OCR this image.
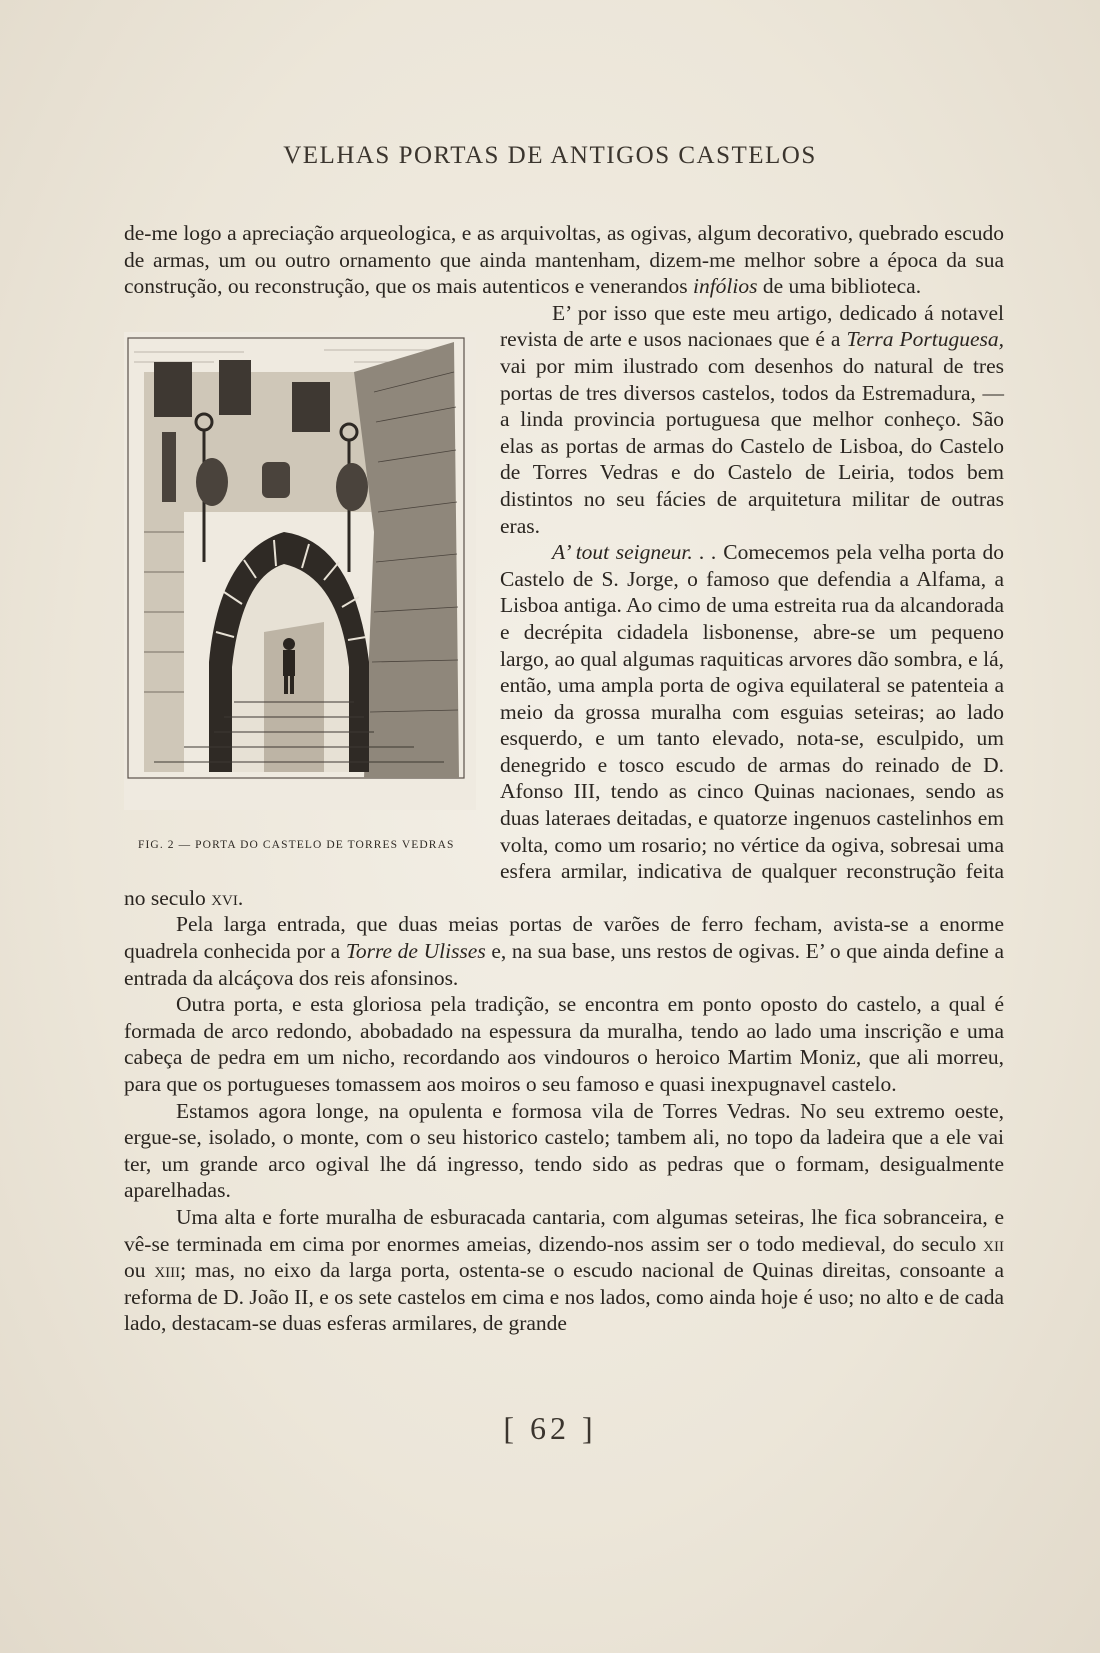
VELHAS PORTAS DE ANTIGOS CASTELOS

de-me logo a apreciação arqueologica, e as arquivoltas, as ogivas, algum decorativo, quebrado escudo de armas, um ou outro ornamento que ainda mantenham, dizem-me melhor sobre a época da sua construção, ou reconstrução, que os mais autenticos e venerandos infólios de uma biblioteca.

FIG. 2 — PORTA DO CASTELO DE TORRES VEDRAS

E’ por isso que este meu artigo, dedicado á notavel revista de arte e usos nacionaes que é a Terra Portuguesa, vai por mim ilustrado com desenhos do natural de tres portas de tres diversos castelos, todos da Estremadura, — a linda provincia portuguesa que melhor conheço. São elas as portas de armas do Castelo de Lisboa, do Castelo de Torres Vedras e do Castelo de Leiria, todos bem distintos no seu fácies de arquitetura militar de outras eras.

A’ tout seigneur. . . Comecemos pela velha porta do Castelo de S. Jorge, o famoso que defendia a Alfama, a Lisboa antiga. Ao cimo de uma estreita rua da alcandorada e decrépita cidadela lisbonense, abre-se um pequeno largo, ao qual algumas raquiticas arvores dão sombra, e lá, então, uma ampla porta de ogiva equilateral se patenteia a meio da grossa muralha com esguias seteiras; ao lado esquerdo, e um tanto elevado, nota-se, esculpido, um denegrido e tosco escudo de armas do reinado de D. Afonso III, tendo as cinco Quinas nacionaes, sendo as duas lateraes deitadas, e quatorze ingenuos castelinhos em volta, como um rosario; no vértice da ogiva, sobresai uma esfera armilar, indicativa de qualquer reconstrução feita no seculo xvi.

Pela larga entrada, que duas meias portas de varões de ferro fecham, avista-se a enorme quadrela conhecida por a Torre de Ulisses e, na sua base, uns restos de ogivas. E’ o que ainda define a entrada da alcáçova dos reis afonsinos.

Outra porta, e esta gloriosa pela tradição, se encontra em ponto oposto do castelo, a qual é formada de arco redondo, abobadado na espessura da muralha, tendo ao lado uma inscrição e uma cabeça de pedra em um nicho, recordando aos vindouros o heroico Martim Moniz, que ali morreu, para que os portugueses tomassem aos moiros o seu famoso e quasi inexpugnavel castelo.

Estamos agora longe, na opulenta e formosa vila de Torres Vedras. No seu extremo oeste, ergue-se, isolado, o monte, com o seu historico castelo; tambem ali, no topo da ladeira que a ele vai ter, um grande arco ogival lhe dá ingresso, tendo sido as pedras que o formam, desigualmente aparelhadas.

Uma alta e forte muralha de esburacada cantaria, com algumas seteiras, lhe fica sobranceira, e vê-se terminada em cima por enormes ameias, dizendo-nos assim ser o todo medieval, do seculo xii ou xiii; mas, no eixo da larga porta, ostenta-se o escudo nacional de Quinas direitas, consoante a reforma de D. João II, e os sete castelos em cima e nos lados, como ainda hoje é uso; no alto e de cada lado, destacam-se duas esferas armilares, de grande

[ 62 ]
